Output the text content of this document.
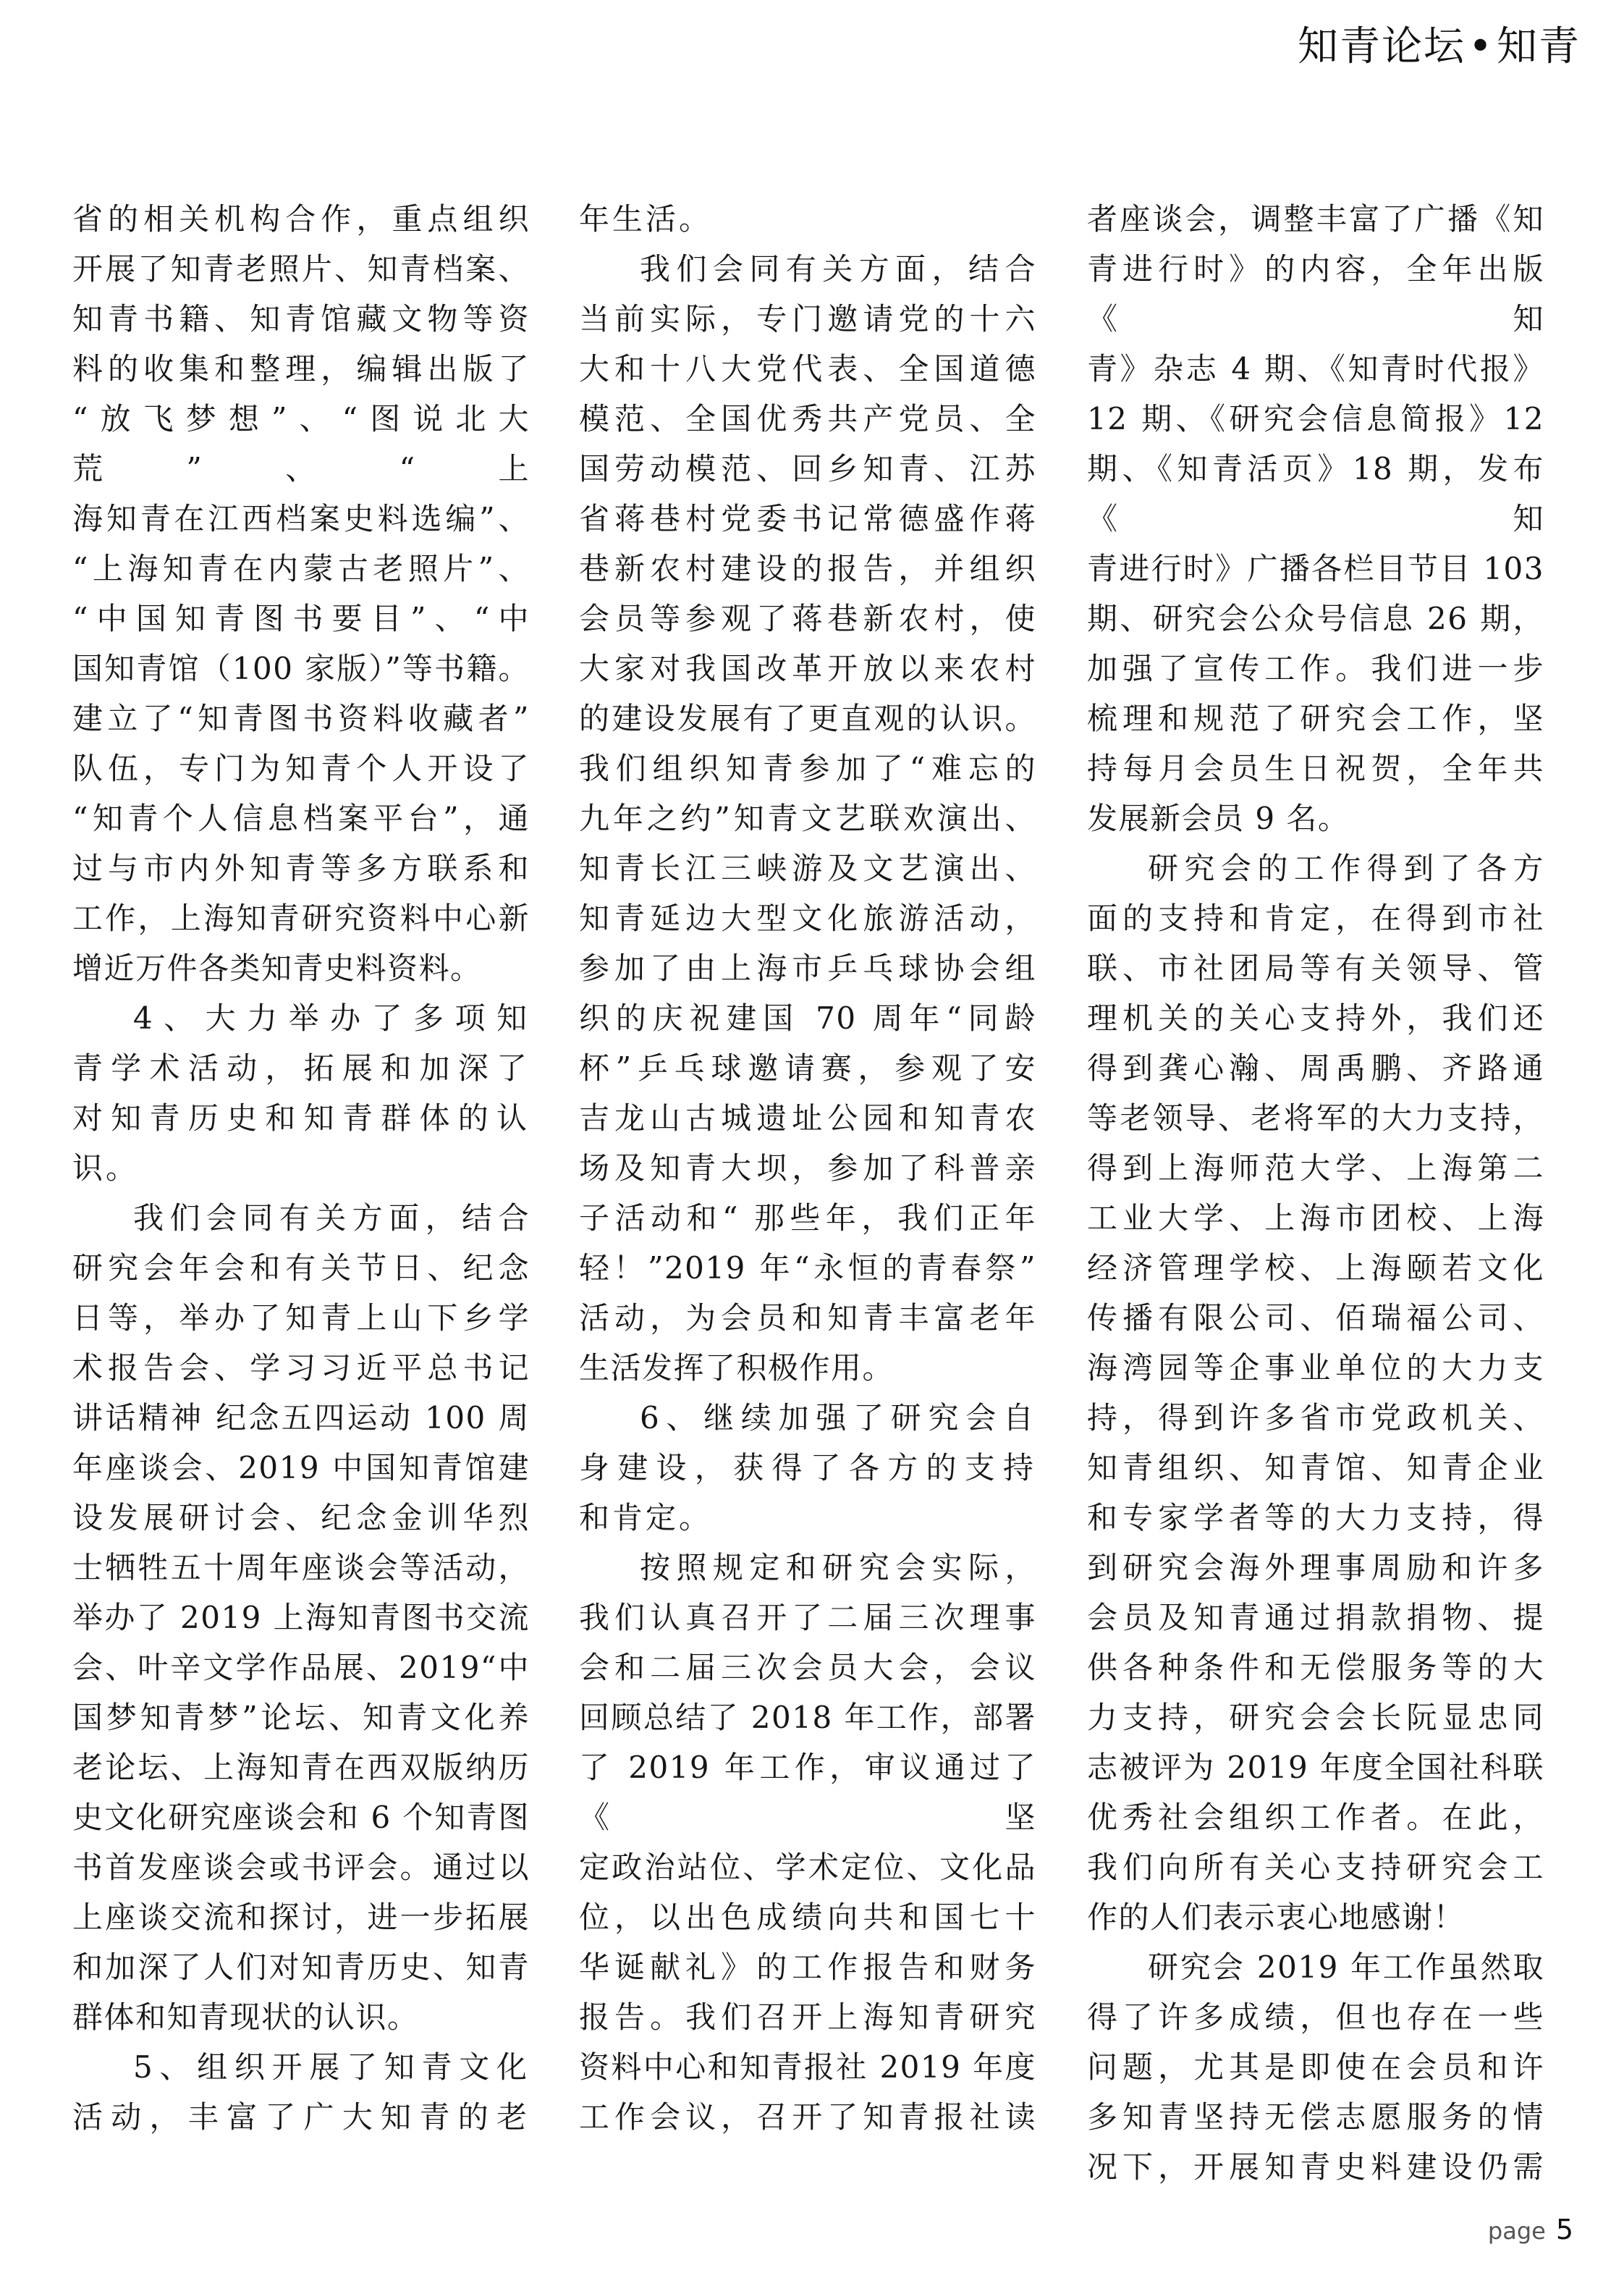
知青论坛•知青

省的相关机构合作，重点组织

开展了知青老照片、知青档案、

知青书籍、知青馆藏文物等资

料的收集和整理，编辑出版了

“放飞梦想”、“图说北大荒”、“上

海知青在江西档案史料选编”、

“上海知青在内蒙古老照片”、

“中国知青图书要目”、“中

国知青馆（100 家版）”等书籍。

建立了“知青图书资料收藏者”

队伍，专门为知青个人开设了

“知青个人信息档案平台”，通

过与市内外知青等多方联系和

工作，上海知青研究资料中心新

增近万件各类知青史料资料。

4、大力举办了多项知

青学术活动，拓展和加深了

对知青历史和知青群体的认

识。

我们会同有关方面，结合

研究会年会和有关节日、纪念

日等，举办了知青上山下乡学

术报告会、学习习近平总书记

讲话精神 纪念五四运动 100 周

年座谈会、2019 中国知青馆建

设发展研讨会、纪念金训华烈

士牺牲五十周年座谈会等活动，

举办了 2019 上海知青图书交流

会、叶辛文学作品展、2019“中

国梦知青梦”论坛、知青文化养

老论坛、上海知青在西双版纳历

史文化研究座谈会和 6 个知青图

书首发座谈会或书评会。通过以

上座谈交流和探讨，进一步拓展

和加深了人们对知青历史、知青

群体和知青现状的认识。

5、组织开展了知青文化

活动，丰富了广大知青的老

年生活。

我们会同有关方面，结合

当前实际，专门邀请党的十六

大和十八大党代表、全国道德

模范、全国优秀共产党员、全

国劳动模范、回乡知青、江苏

省蒋巷村党委书记常德盛作蒋

巷新农村建设的报告，并组织

会员等参观了蒋巷新农村，使

大家对我国改革开放以来农村

的建设发展有了更直观的认识。

我们组织知青参加了“难忘的

九年之约”知青文艺联欢演出、

知青长江三峡游及文艺演出、

知青延边大型文化旅游活动，

参加了由上海市乒乓球协会组

织的庆祝建国 70 周年“同龄

杯”乒乓球邀请赛，参观了安

吉龙山古城遗址公园和知青农

场及知青大坝，参加了科普亲

子活动和“ 那些年，我们正年

轻！”2019 年“永恒的青春祭”

活动，为会员和知青丰富老年

生活发挥了积极作用。

6、继续加强了研究会自

身建设，获得了各方的支持

和肯定。

按照规定和研究会实际，

我们认真召开了二届三次理事

会和二届三次会员大会，会议

回顾总结了 2018 年工作，部署

了 2019 年工作，审议通过了《坚

定政治站位、学术定位、文化品

位，以出色成绩向共和国七十

华诞献礼》的工作报告和财务

报告。我们召开上海知青研究

资料中心和知青报社 2019 年度

工作会议，召开了知青报社读

者座谈会，调整丰富了广播《知

青进行时》的内容，全年出版《知

青》杂志 4 期、《知青时代报》

12 期、《研究会信息简报》12

期、《知青活页》18 期，发布《知

青进行时》广播各栏目节目 103

期、研究会公众号信息 26 期，

加强了宣传工作。我们进一步

梳理和规范了研究会工作，坚

持每月会员生日祝贺，全年共

发展新会员 9 名。

研究会的工作得到了各方

面的支持和肯定，在得到市社

联、市社团局等有关领导、管

理机关的关心支持外，我们还

得到龚心瀚、周禹鹏、齐路通

等老领导、老将军的大力支持，

得到上海师范大学、上海第二

工业大学、上海市团校、上海

经济管理学校、上海颐若文化

传播有限公司、佰瑞福公司、

海湾园等企事业单位的大力支

持，得到许多省市党政机关、

知青组织、知青馆、知青企业

和专家学者等的大力支持，得

到研究会海外理事周励和许多

会员及知青通过捐款捐物、提

供各种条件和无偿服务等的大

力支持，研究会会长阮显忠同

志被评为 2019 年度全国社科联

优秀社会组织工作者。在此，

我们向所有关心支持研究会工

作的人们表示衷心地感谢！

研究会 2019 年工作虽然取

得了许多成绩，但也存在一些

问题，尤其是即使在会员和许

多知青坚持无偿志愿服务的情

况下，开展知青史料建设仍需

page 5
